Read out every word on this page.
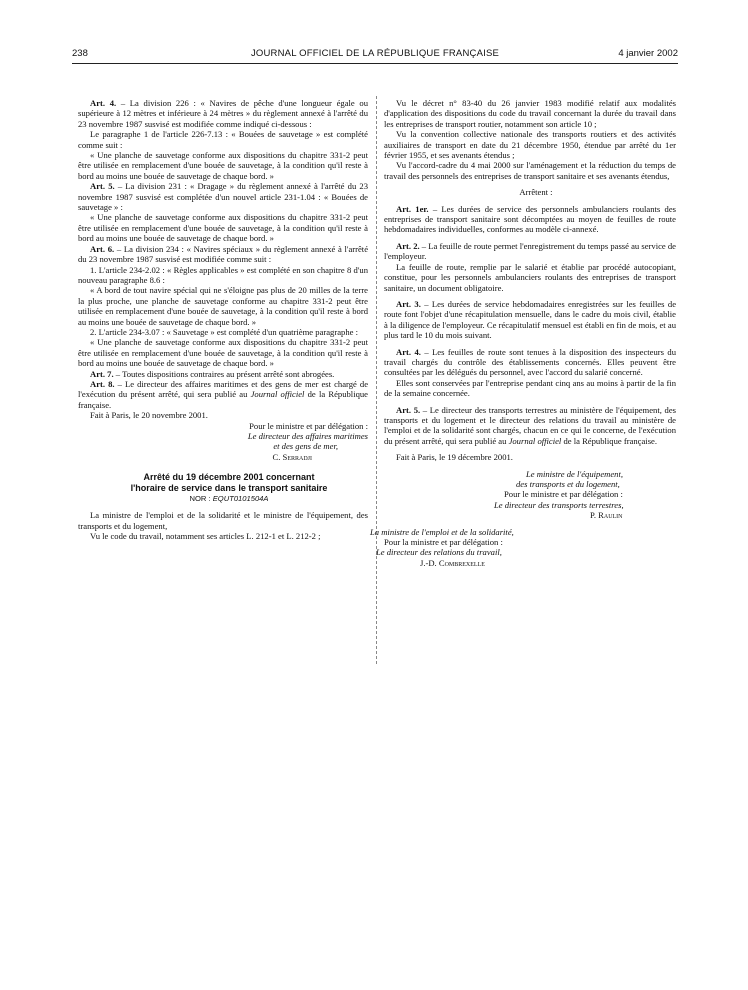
238	JOURNAL OFFICIEL DE LA RÉPUBLIQUE FRANÇAISE	4 janvier 2002

Art. 4. – La division 226 : « Navires de pêche d'une longueur égale ou supérieure à 12 mètres et inférieure à 24 mètres » du règlement annexé à l'arrêté du 23 novembre 1987 susvisé est modifiée comme indiqué ci-dessous :

Le paragraphe 1 de l'article 226-7.13 : « Bouées de sauvetage » est complété comme suit :

« Une planche de sauvetage conforme aux dispositions du chapitre 331-2 peut être utilisée en remplacement d'une bouée de sauvetage, à la condition qu'il reste à bord au moins une bouée de sauvetage de chaque bord. »

Art. 5. – La division 231 : « Dragage » du règlement annexé à l'arrêté du 23 novembre 1987 susvisé est complétée d'un nouvel article 231-1.04 : « Bouées de sauvetage » :

« Une planche de sauvetage conforme aux dispositions du chapitre 331-2 peut être utilisée en remplacement d'une bouée de sauvetage, à la condition qu'il reste à bord au moins une bouée de sauvetage de chaque bord. »

Art. 6. – La division 234 : « Navires spéciaux » du règlement annexé à l'arrêté du 23 novembre 1987 susvisé est modifiée comme suit :

1. L'article 234-2.02 : « Règles applicables » est complété en son chapitre 8 d'un nouveau paragraphe 8.6 :

« A bord de tout navire spécial qui ne s'éloigne pas plus de 20 milles de la terre la plus proche, une planche de sauvetage conforme au chapitre 331-2 peut être utilisée en remplacement d'une bouée de sauvetage, à la condition qu'il reste à bord au moins une bouée de sauvetage de chaque bord. »

2. L'article 234-3.07 : « Sauvetage » est complété d'un quatrième paragraphe :

« Une planche de sauvetage conforme aux dispositions du chapitre 331-2 peut être utilisée en remplacement d'une bouée de sauvetage, à la condition qu'il reste à bord au moins une bouée de sauvetage de chaque bord. »

Art. 7. – Toutes dispositions contraires au présent arrêté sont abrogées.

Art. 8. – Le directeur des affaires maritimes et des gens de mer est chargé de l'exécution du présent arrêté, qui sera publié au Journal officiel de la République française.

Fait à Paris, le 20 novembre 2001.

Pour le ministre et par délégation :

Le directeur des affaires maritimes

et des gens de mer,

C. Serradji

Arrêté du 19 décembre 2001 concernant

l'horaire de service dans le transport sanitaire

NOR : EQUT0101504A

La ministre de l'emploi et de la solidarité et le ministre de l'équipement, des transports et du logement,

Vu le code du travail, notamment ses articles L. 212-1 et L. 212-2 ;

Vu le décret n° 83-40 du 26 janvier 1983 modifié relatif aux modalités d'application des dispositions du code du travail concernant la durée du travail dans les entreprises de transport routier, notamment son article 10 ;

Vu la convention collective nationale des transports routiers et des activités auxiliaires de transport en date du 21 décembre 1950, étendue par arrêté du 1er février 1955, et ses avenants étendus ;

Vu l'accord-cadre du 4 mai 2000 sur l'aménagement et la réduction du temps de travail des personnels des entreprises de transport sanitaire et ses avenants étendus,

Arrêtent :

Art. 1er. – Les durées de service des personnels ambulanciers roulants des entreprises de transport sanitaire sont décomptées au moyen de feuilles de route hebdomadaires individuelles, conformes au modèle ci-annexé.

Art. 2. – La feuille de route permet l'enregistrement du temps passé au service de l'employeur.

La feuille de route, remplie par le salarié et établie par procédé autocopiant, constitue, pour les personnels ambulanciers roulants des entreprises de transport sanitaire, un document obligatoire.

Art. 3. – Les durées de service hebdomadaires enregistrées sur les feuilles de route font l'objet d'une récapitulation mensuelle, dans le cadre du mois civil, établie à la diligence de l'employeur. Ce récapitulatif mensuel est établi en fin de mois, et au plus tard le 10 du mois suivant.

Art. 4. – Les feuilles de route sont tenues à la disposition des inspecteurs du travail chargés du contrôle des établissements concernés. Elles peuvent être consultées par les délégués du personnel, avec l'accord du salarié concerné.

Elles sont conservées par l'entreprise pendant cinq ans au moins à partir de la fin de la semaine concernée.

Art. 5. – Le directeur des transports terrestres au ministère de l'équipement, des transports et du logement et le directeur des relations du travail au ministère de l'emploi et de la solidarité sont chargés, chacun en ce qui le concerne, de l'exécution du présent arrêté, qui sera publié au Journal officiel de la République française.

Fait à Paris, le 19 décembre 2001.

Le ministre de l'équipement,

des transports et du logement,

Pour le ministre et par délégation :

Le directeur des transports terrestres,

P. Raulin

La ministre de l'emploi et de la solidarité,

Pour la ministre et par délégation :

Le directeur des relations du travail,

J.-D. Combrexelle
